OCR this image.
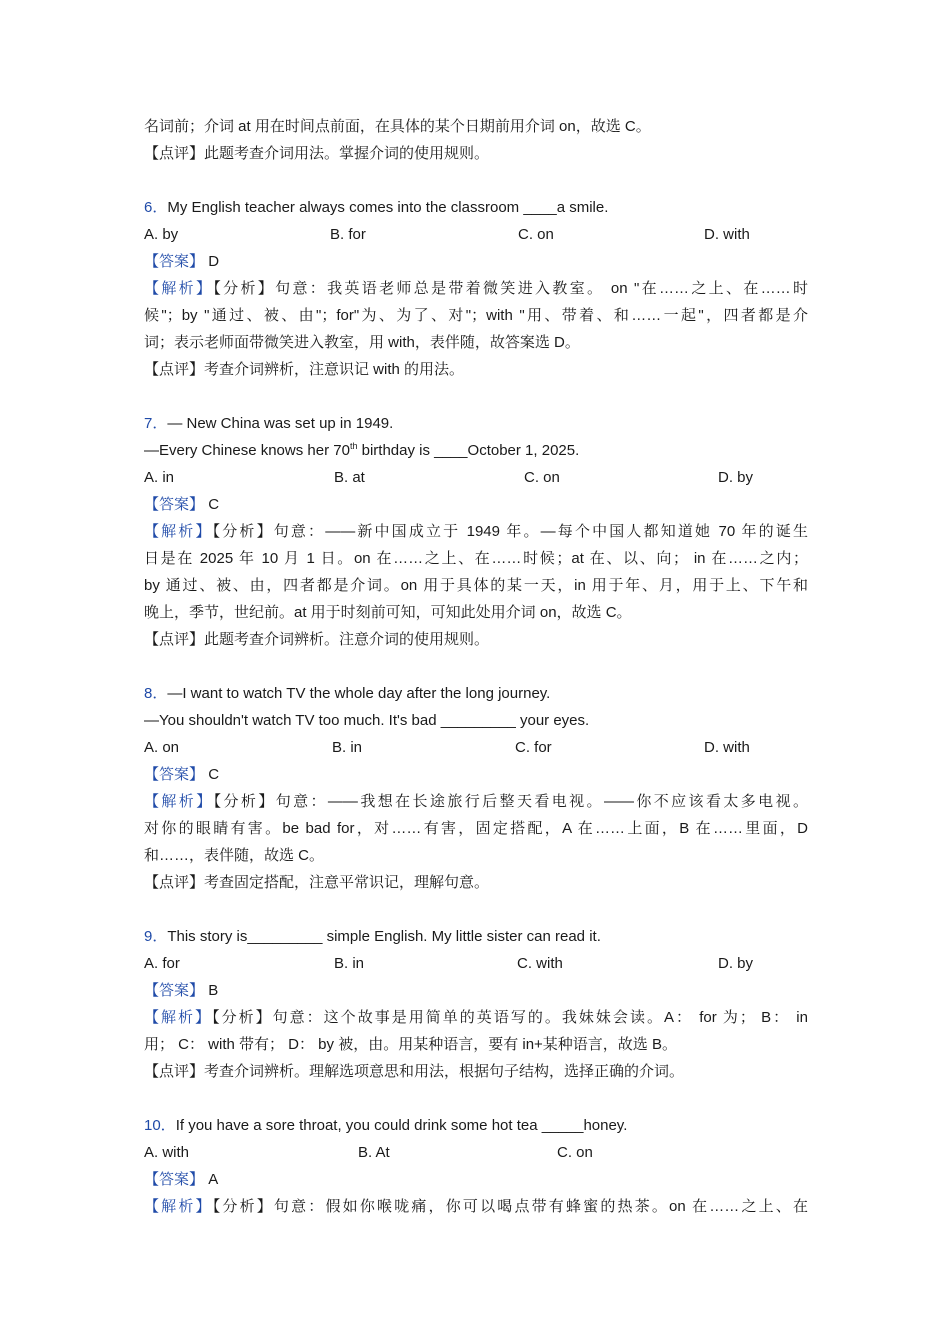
名词前；介词 at 用在时间点前面，在具体的某个日期前用介词 on，故选 C。
【点评】此题考查介词用法。掌握介词的使用规则。
6．My English teacher always comes into the classroom ____a smile.
A. by	B. for	C. on	D. with
【答案】 D
【解析】【分析】句意：我英语老师总是带着微笑进入教室。 on "在……之上、在……时
候"；by "通过、被、由"；for"为、为了、对"；with "用、带着、和……一起"，四者都是介
词；表示老师面带微笑进入教室，用 with，表伴随，故答案选 D。
【点评】考查介词辨析，注意识记 with 的用法。
7．— New China was set up in 1949.
—Every Chinese knows her 70th birthday is ____October 1, 2025.
A. in	B. at	C. on	D. by
【答案】 C
【解析】【分析】句意：——新中国成立于 1949 年。—每个中国人都知道她 70 年的诞生
日是在 2025 年 10 月 1 日。on 在……之上、在……时候；at 在、以、向； in 在……之内；
by 通过、被、由，四者都是介词。on 用于具体的某一天，in 用于年、月，用于上、下午和
晚上，季节，世纪前。at 用于时刻前可知，可知此处用介词 on，故选 C。
【点评】此题考查介词辨析。注意介词的使用规则。
8．—I want to watch TV the whole day after the long journey.
—You shouldn't watch TV too much. It's bad _________ your eyes.
A. on	B. in	C. for	D. with
【答案】 C
【解析】【分析】句意：——我想在长途旅行后整天看电视。——你不应该看太多电视。
对你的眼睛有害。be bad for，对……有害，固定搭配，A 在……上面，B 在……里面，D
和……，表伴随，故选 C。
【点评】考查固定搭配，注意平常识记，理解句意。
9．This story is_________ simple English. My little sister can read it.
A. for	B. in	C. with	D. by
【答案】 B
【解析】【分析】句意：这个故事是用简单的英语写的。我妹妹会读。A： for 为； B： in
用； C： with 带有； D： by 被，由。用某种语言，要有 in+某种语言，故选 B。
【点评】考查介词辨析。理解选项意思和用法，根据句子结构，选择正确的介词。
10．If you have a sore throat, you could drink some hot tea _____honey.
A. with	B. At	C. on
【答案】 A
【解析】【分析】句意：假如你喉咙痛，你可以喝点带有蜂蜜的热茶。on 在……之上、在
